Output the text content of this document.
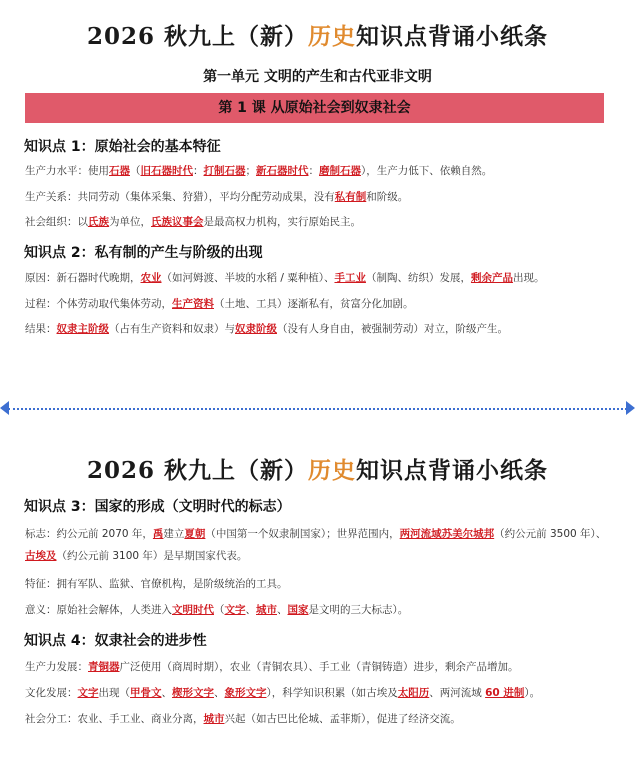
2026 秋九上（新）历史知识点背诵小纸条
第一单元 文明的产生和古代亚非文明
第 1 课 从原始社会到奴隶社会
知识点 1：原始社会的基本特征
生产力水平：使用石器（旧石器时代：打制石器；新石器时代：磨制石器），生产力低下、依赖自然。
生产关系：共同劳动（集体采集、狩猎），平均分配劳动成果，没有私有制和阶级。
社会组织：以氏族为单位，氏族议事会是最高权力机构，实行原始民主。
知识点 2：私有制的产生与阶级的出现
原因：新石器时代晚期，农业（如河姆渡、半坡的水稻 / 粟种植）、手工业（制陶、纺织）发展，剩余产品出现。
过程：个体劳动取代集体劳动，生产资料（土地、工具）逐渐私有，贫富分化加剧。
结果：奴隶主阶级（占有生产资料和奴隶）与奴隶阶级（没有人身自由，被强制劳动）对立，阶级产生。
2026 秋九上（新）历史知识点背诵小纸条
知识点 3：国家的形成（文明时代的标志）
标志：约公元前 2070 年，禹建立夏朝（中国第一个奴隶制国家）；世界范围内，两河流域苏美尔城邦（约公元前 3500 年）、古埃及（约公元前 3100 年）是早期国家代表。
特征：拥有军队、监狱、官僚机构，是阶级统治的工具。
意义：原始社会解体，人类进入文明时代（文字、城市、国家是文明的三大标志）。
知识点 4：奴隶社会的进步性
生产力发展：青铜器广泛使用（商周时期），农业（青铜农具）、手工业（青铜铸造）进步，剩余产品增加。
文化发展：文字出现（甲骨文、楔形文字、象形文字），科学知识积累（如古埃及太阳历、两河流域 60 进制）。
社会分工：农业、手工业、商业分离，城市兴起（如古巴比伦城、孟菲斯），促进了经济交流。
